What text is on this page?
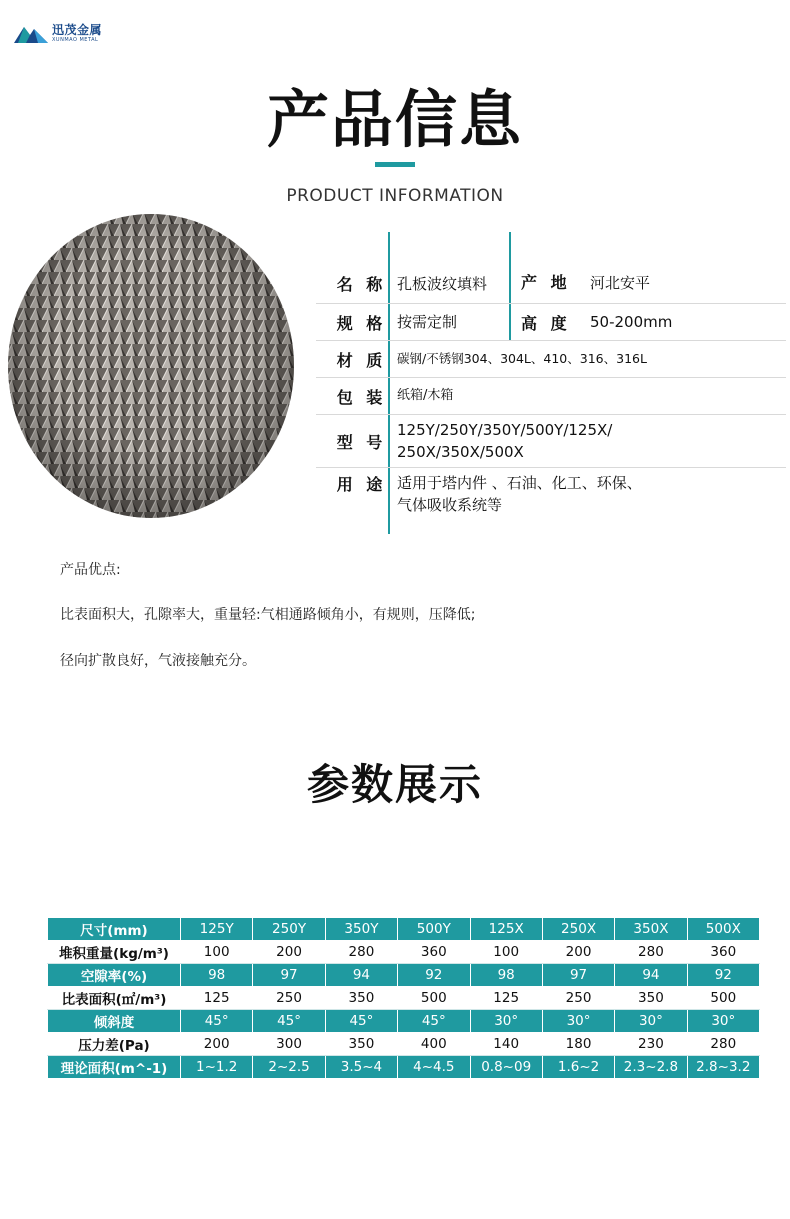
迅茂金属
XUNMAO METAL
产品信息
PRODUCT INFORMATION
名 称 孔板波纹填料 产 地 河北安平
规 格 按需定制	高 度 50-200mm
材 质 碳钢/不锈钢304、304L、410、316、316L
包 装 纸箱/木箱
型 号
125Y/250Y/350Y/500Y/125X/
250X/350X/500X
用 途 适用于塔内件 、石油、化工、环保、
气体吸收系统等
产品优点:
比表面积大，孔隙率大，重量轻:气相通路倾角小，有规则，压降低;
径向扩散良好，气液接触充分。
参数展示
尺寸(mm)	125Y	250Y	350Y	500Y	125X	250X	350X	500X
堆积重量(kg/m³)	100	200	280	360	100	200	280	360
空隙率(%)	98	97	94	92	98	97	94	92
比表面积(㎡/m³)	125	250	350	500	125	250	350	500
倾斜度	45°	45°	45°	45°	30°	30°	30°	30°
压力差(Pa)	200	300	350	400	140	180	230	280
理论面积(m^-1)	1~1.2	2~2.5	3.5~4	4~4.5	0.8~09	1.6~2	2.3~2.8	2.8~3.2
